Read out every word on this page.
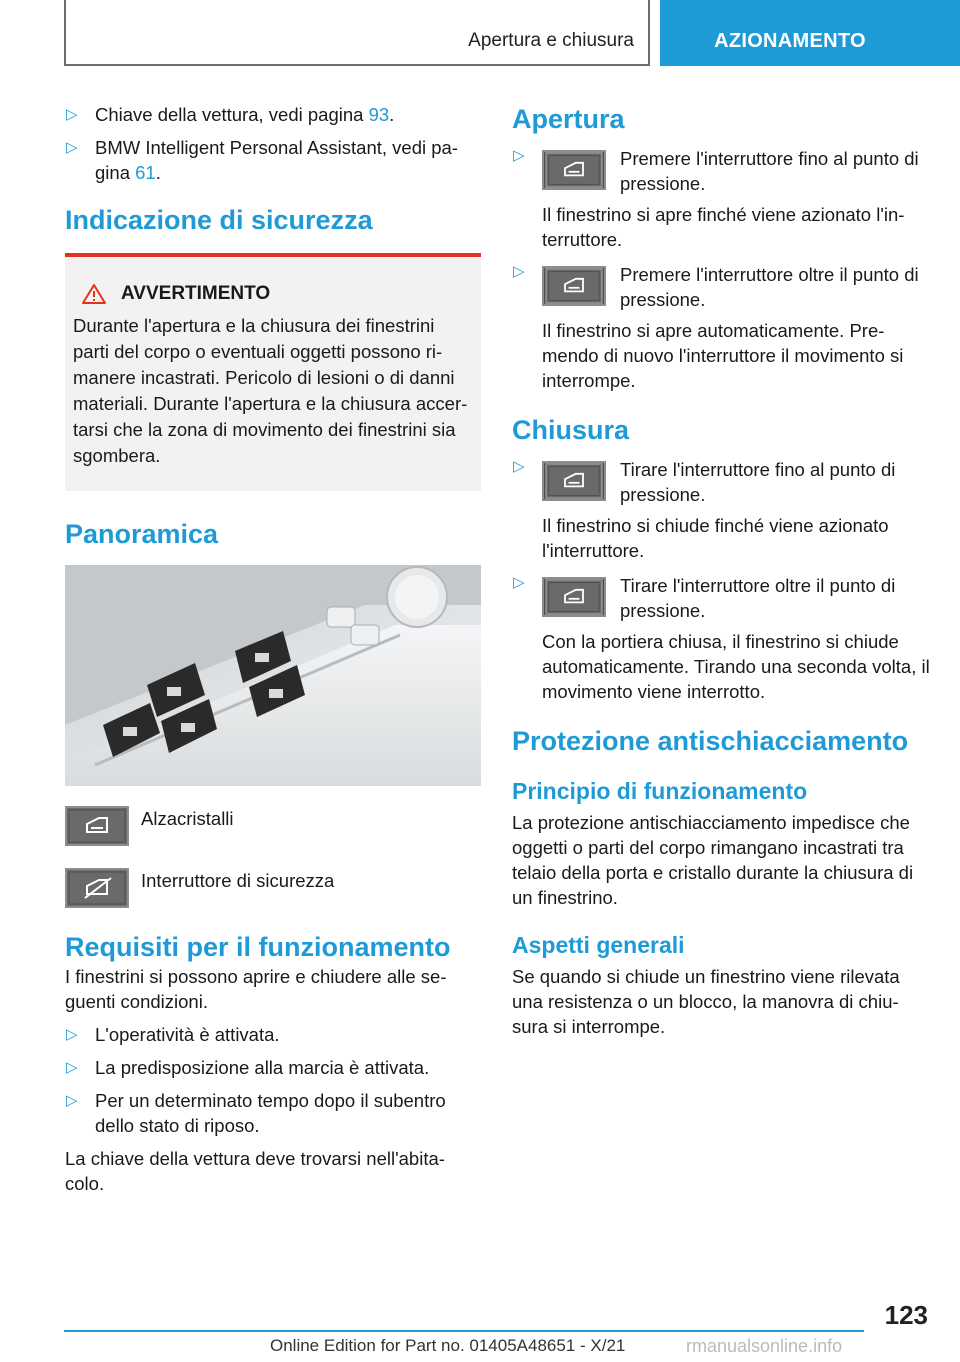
Apertura e chiusura	AZIONAMENTO
▷ Chiave della vettura, vedi pagina 93.
▷ BMW Intelligent Personal Assistant, vedi pa-gina 61.
Indicazione di sicurezza
AVVERTIMENTO

Durante l'apertura e la chiusura dei finestrini parti del corpo o eventuali oggetti possono ri-manere incastrati. Pericolo di lesioni o di danni materiali. Durante l'apertura e la chiusura accer-tarsi che la zona di movimento dei finestrini sia sgombera.

Panoramica
Alzacristalli
Interruttore di sicurezza
Requisiti per il funzionamento

I finestrini si possono aprire e chiudere alle se-guenti condizioni.

▷ L'operatività è attivata.
▷ La predisposizione alla marcia è attivata.
▷ Per un determinato tempo dopo il subentro dello stato di riposo.

La chiave della vettura deve trovarsi nell'abita-colo.

Apertura
▷	Premere l'interruttore fino al punto di pressione.

Il finestrino si apre finché viene azionato l'in-terruttore.

▷	Premere l'interruttore oltre il punto di pressione.

Il finestrino si apre automaticamente. Pre-mendo di nuovo l'interruttore il movimento si interrompe.

Chiusura
▷	Tirare l'interruttore fino al punto di pressione.

Il finestrino si chiude finché viene azionato l'interruttore.

▷	Tirare l'interruttore oltre il punto di pressione.

Con la portiera chiusa, il finestrino si chiude automaticamente. Tirando una seconda volta, il movimento viene interrotto.

Protezione antischiacciamento
Principio di funzionamento

La protezione antischiacciamento impedisce che oggetti o parti del corpo rimangano incastrati tra telaio della porta e cristallo durante la chiusura di un finestrino.

Aspetti generali

Se quando si chiude un finestrino viene rilevata una resistenza o un blocco, la manovra di chiu-sura si interrompe.

123
Online Edition for Part no. 01405A48651 - X/21	rmanualsonline.info
